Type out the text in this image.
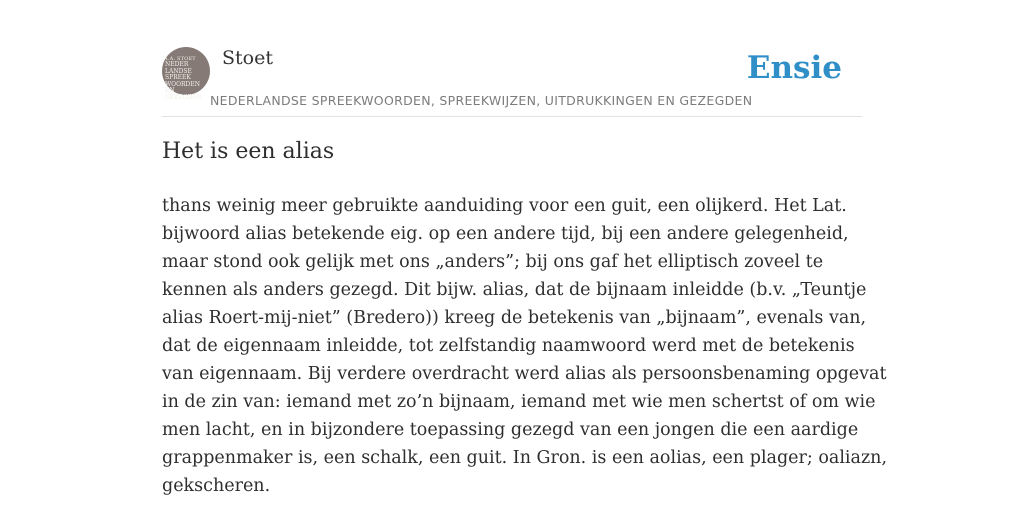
A.A. STOET
NEDER
LANDSE
SPREEK
WOORDEN EN
GEZEGDEN
Stoet
NEDERLANDSE SPREEKWOORDEN, SPREEKWIJZEN, UITDRUKKINGEN EN GEZEGDEN
Ensie
Het is een alias

thans weinig meer gebruikte aanduiding voor een guit, een olijkerd. Het Lat.
bijwoord alias betekende eig. op een andere tijd, bij een andere gelegenheid,
maar stond ook gelijk met ons „anders”; bij ons gaf het elliptisch zoveel te
kennen als anders gezegd. Dit bijw. alias, dat de bijnaam inleidde (b.v. „Teuntje
alias Roert-mij-niet” (Bredero)) kreeg de betekenis van „bijnaam”, evenals van,
dat de eigennaam inleidde, tot zelfstandig naamwoord werd met de betekenis
van eigennaam. Bij verdere overdracht werd alias als persoonsbenaming opgevat
in de zin van: iemand met zo’n bijnaam, iemand met wie men schertst of om wie
men lacht, en in bijzondere toepassing gezegd van een jongen die een aardige
grappenmaker is, een schalk, een guit. In Gron. is een aolias, een plager; oaliazn,
gekscheren.
